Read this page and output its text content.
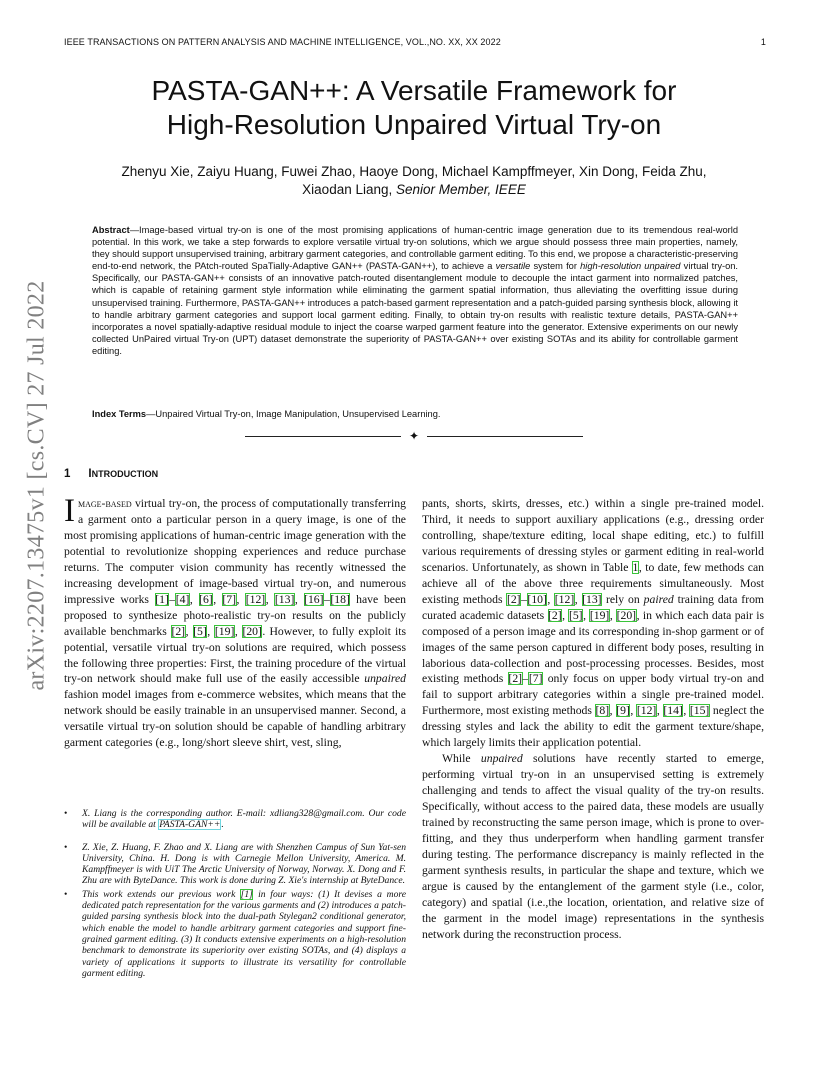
IEEE TRANSACTIONS ON PATTERN ANALYSIS AND MACHINE INTELLIGENCE, VOL.,NO. XX, XX 2022	1
arXiv:2207.13475v1 [cs.CV] 27 Jul 2022
PASTA-GAN++: A Versatile Framework for
High-Resolution Unpaired Virtual Try-on
Zhenyu Xie, Zaiyu Huang, Fuwei Zhao, Haoye Dong, Michael Kampffmeyer, Xin Dong, Feida Zhu,
Xiaodan Liang, Senior Member, IEEE

Abstract—Image-based virtual try-on is one of the most promising applications of human-centric image generation due to its tremendous real-world potential. In this work, we take a step forwards to explore versatile virtual try-on solutions, which we argue should possess three main properties, namely, they should support unsupervised training, arbitrary garment categories, and controllable garment editing. To this end, we propose a characteristic-preserving end-to-end network, the PAtch-routed SpaTially-Adaptive GAN++ (PASTA-GAN++), to achieve a versatile system for high-resolution unpaired virtual try-on. Specifically, our PASTA-GAN++ consists of an innovative patch-routed disentanglement module to decouple the intact garment into normalized patches, which is capable of retaining garment style information while eliminating the garment spatial information, thus alleviating the overfitting issue during unsupervised training. Furthermore, PASTA-GAN++ introduces a patch-based garment representation and a patch-guided parsing synthesis block, allowing it to handle arbitrary garment categories and support local garment editing. Finally, to obtain try-on results with realistic texture details, PASTA-GAN++ incorporates a novel spatially-adaptive residual module to inject the coarse warped garment feature into the generator. Extensive experiments on our newly collected UnPaired virtual Try-on (UPT) dataset demonstrate the superiority of PASTA-GAN++ over existing SOTAs and its ability for controllable garment editing.

Index Terms—Unpaired Virtual Try-on, Image Manipulation, Unsupervised Learning.
✦
1 INTRODUCTION

Image-based virtual try-on, the process of computationally transferring a garment onto a particular person in a query image, is one of the most promising applications of human-centric image generation with the potential to revolutionize shopping experiences and reduce purchase returns. The computer vision community has recently witnessed the increasing development of image-based virtual try-on, and numerous impressive works [1]–[4], [6], [7], [12], [13], [16]–[18] have been proposed to synthesize photo-realistic try-on results on the publicly available benchmarks [2], [5], [19], [20]. However, to fully exploit its potential, versatile virtual try-on solutions are required, which possess the following three properties: First, the training procedure of the virtual try-on network should make full use of the easily accessible unpaired fashion model images from e-commerce websites, which means that the network should be easily trainable in an unsupervised manner. Second, a versatile virtual try-on solution should be capable of handling arbitrary garment categories (e.g., long/short sleeve shirt, vest, sling,

• X. Liang is the corresponding author. E-mail: xdliang328@gmail.com. Our code will be available at PASTA-GAN++.
• Z. Xie, Z. Huang, F. Zhao and X. Liang are with Shenzhen Campus of Sun Yat-sen University, China. H. Dong is with Carnegie Mellon University, America. M. Kampffmeyer is with UiT The Arctic University of Norway, Norway. X. Dong and F. Zhu are with ByteDance. This work is done during Z. Xie's internship at ByteDance.
• This work extends our previous work [1] in four ways: (1) It devises a more dedicated patch representation for the various garments and (2) introduces a patch-guided parsing synthesis block into the dual-path Stylegan2 conditional generator, which enable the model to handle arbitrary garment categories and support fine-grained garment editing. (3) It conducts extensive experiments on a high-resolution benchmark to demonstrate its superiority over existing SOTAs, and (4) displays a variety of applications it supports to illustrate its versatility for controllable garment editing.

pants, shorts, skirts, dresses, etc.) within a single pre-trained model. Third, it needs to support auxiliary applications (e.g., dressing order controlling, shape/texture editing, local shape editing, etc.) to fulfill various requirements of dressing styles or garment editing in real-world scenarios. Unfortunately, as shown in Table 1, to date, few methods can achieve all of the above three requirements simultaneously. Most existing methods [2]–[10], [12], [13] rely on paired training data from curated academic datasets [2], [5], [19], [20], in which each data pair is composed of a person image and its corresponding in-shop garment or of images of the same person captured in different body poses, resulting in laborious data-collection and post-processing processes. Besides, most existing methods [2]–[7] only focus on upper body virtual try-on and fail to support arbitrary categories within a single pre-trained model. Furthermore, most existing methods [8], [9], [12], [14], [15] neglect the dressing styles and lack the ability to edit the garment texture/shape, which largely limits their application potential.

While unpaired solutions have recently started to emerge, performing virtual try-on in an unsupervised setting is extremely challenging and tends to affect the visual quality of the try-on results. Specifically, without access to the paired data, these models are usually trained by reconstructing the same person image, which is prone to over-fitting, and they thus underperform when handling garment transfer during testing. The performance discrepancy is mainly reflected in the garment synthesis results, in particular the shape and texture, which we argue is caused by the entanglement of the garment style (i.e., color, category) and spatial (i.e.,the location, orientation, and relative size of the garment in the model image) representations in the synthesis network during the reconstruction process.
